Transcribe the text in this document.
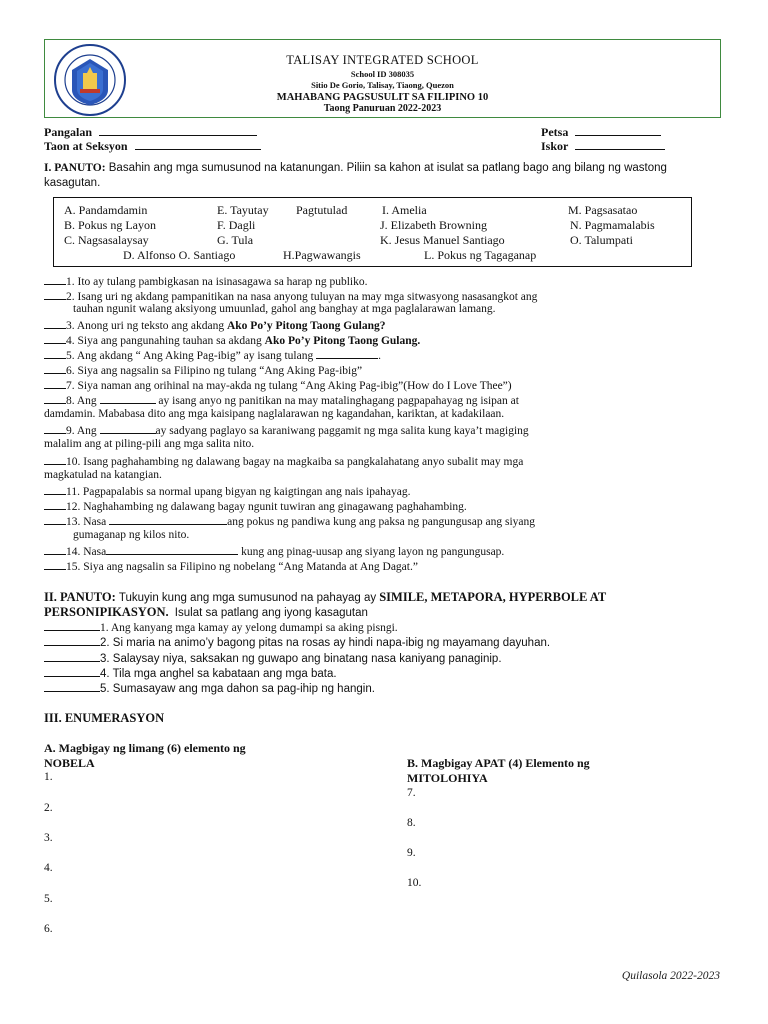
TALISAY INTEGRATED SCHOOL
School ID 308035
Sitio De Gorio, Talisay, Tiaong, Quezon
MAHABANG PAGSUSULIT SA FILIPINO 10
Taong Panuruan 2022-2023
Pangalan
Taon at Seksyon
Petsa
Iskor
I. PANUTO: Basahin ang mga sumusunod na katanungan. Piliin sa kahon at isulat sa patlang bago ang bilang ng wastong
kasagutan.
A. Pandamdamin	E. Tayutay Pagtutulad	I. Amelia	M. Pagsasatao
B. Pokus ng Layon	F. Dagli	J. Elizabeth Browning	N. Pagmamalabis
C. Nagsasalaysay	G. Tula	K. Jesus Manuel Santiago	O. Talumpati
D. Alfonso O. Santiago	H.Pagwawangis	L. Pokus ng Tagaganap
1. Ito ay tulang pambigkasan na isinasagawa sa harap ng publiko.
2. Isang uri ng akdang pampanitikan na nasa anyong tuluyan na may mga sitwasyong nasasangkot ang
tauhan ngunit walang aksiyong umuunlad, gahol ang banghay at mga paglalarawan lamang.
3. Anong uri ng teksto ang akdang Ako Po’y Pitong Taong Gulang?
4. Siya ang pangunahing tauhan sa akdang Ako Po’y Pitong Taong Gulang.
5. Ang akdang “ Ang Aking Pag-ibig” ay isang tulang	.
6. Siya ang nagsalin sa Filipino ng tulang “Ang Aking Pag-ibig”
7. Siya naman ang orihinal na may-akda ng tulang “Ang Aking Pag-ibig”(How do I Love Thee”)
8. Ang	ay isang anyo ng panitikan na may matalinghagang pagpapahayag ng isipan at
damdamin. Mababasa dito ang mga kaisipang naglalarawan ng kagandahan, kariktan, at kadakilaan.
9. Ang	ay sadyang paglayo sa karaniwang paggamit ng mga salita kung kaya’t magiging
malalim ang at piling-pili ang mga salita nito.
10. Isang paghahambing ng dalawang bagay na magkaiba sa pangkalahatang anyo subalit may mga
magkatulad na katangian.
11. Pagpapalabis sa normal upang bigyan ng kaigtingan ang nais ipahayag.
12. Naghahambing ng dalawang bagay ngunit tuwiran ang ginagawang paghahambing.
13. Nasa	ang pokus ng pandiwa kung ang paksa ng pangungusap ang siyang
gumaganap ng kilos nito.
14. Nasa	kung ang pinag-uusap ang siyang layon ng pangungusap.
15. Siya ang nagsalin sa Filipino ng nobelang “Ang Matanda at Ang Dagat.”
II. PANUTO: Tukuyin kung ang mga sumusunod na pahayag ay SIMILE, METAPORA, HYPERBOLE AT
PERSONIPIKASYON. Isulat sa patlang ang iyong kasagutan
1. Ang kanyang mga kamay ay yelong dumampi sa aking pisngi.
2. Si maria na animo’y bagong pitas na rosas ay hindi napa-ibig ng mayamang dayuhan.
3. Salaysay niya, saksakan ng guwapo ang binatang nasa kaniyang panaginip.
4. Tila mga anghel sa kabataan ang mga bata.
5. Sumasayaw ang mga dahon sa pag-ihip ng hangin.
III. ENUMERASYON
A. Magbigay ng limang (6) elemento ng
NOBELA	B. Magbigay APAT (4) Elemento ng
MITOLOHIYA
1.
2.
3.
4.
5.
6.
7.
8.
9.
10.
Quilasola 2022-2023
